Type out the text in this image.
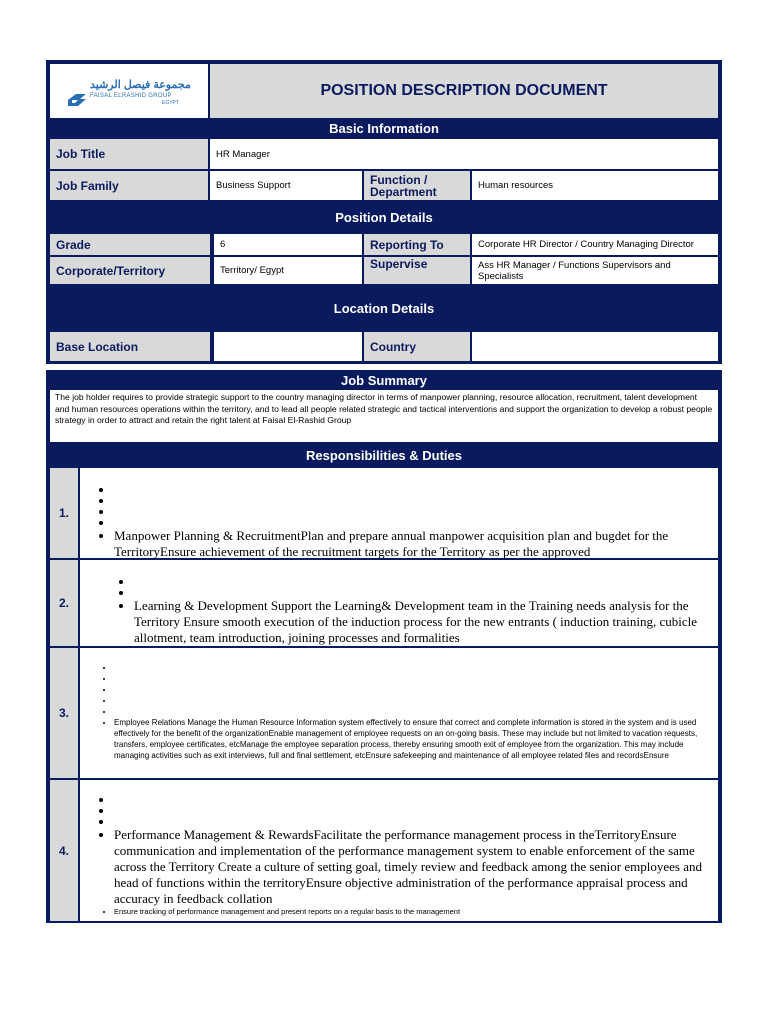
مجموعة فيصل الرشيد
FAISAL ELRASHID GROUP
EGYPT
POSITION DESCRIPTION DOCUMENT
Basic Information
Job Title	HR Manager
Job Family	Business Support	Function / Department	Human resources
Position Details
Grade	6	Reporting To	Corporate HR Director / Country Managing Director
Corporate/Territory	Territory/ Egypt	Supervise	Ass HR Manager / Functions Supervisors and Specialists
Location Details
Base Location	Country
Job Summary
The job holder requires to provide strategic support to the country managing director in terms of manpower planning, resource allocation, recruitment, talent development and human resources operations within the territory, and to lead all people related strategic and tactical interventions and support the organization to develop a robust people strategy in order to attract and retain the right talent at Faisal El-Rashid Group
Responsibilities & Duties
1.
•
•
•
•
• Manpower Planning & RecruitmentPlan and prepare annual manpower acquisition plan and bugdet for the TerritoryEnsure achievement of the recruitment targets for the Territory as per the approved
2.
•
•
•	Learning & Development Support the Learning& Development team in the Training needs analysis for the Territory Ensure smooth execution of the induction process for the new entrants ( induction training, cubicle allotment, team introduction, joining processes and formalities
3.
•
•
•
•
•
• Employee Relations Manage the Human Resource Information system effectively to ensure that correct and complete information is stored in the system and is used effectively for the benefit of the organizationEnable management of employee requests on an on-going basis. These may include but not limited to vacation requests, transfers, employee certificates, etcManage the employee separation process, thereby ensuring smooth exit of employee from the organization. This may include managing activities such as exit interviews, full and final settlement, etcEnsure safekeeping and maintenance of all employee related files and recordsEnsure
4.
•
•
•
• Performance Management & RewardsFacilitate the performance management process in theTerritoryEnsure communication and implementation of the performance management system to enable enforcement of the same across the Territory Create a culture of setting goal, timely review and feedback among the senior employees and head of functions within the territoryEnsure objective administration of the performance appraisal process and accuracy in feedback collation
• Ensure tracking of performance management and present reports on a regular basis to the management
